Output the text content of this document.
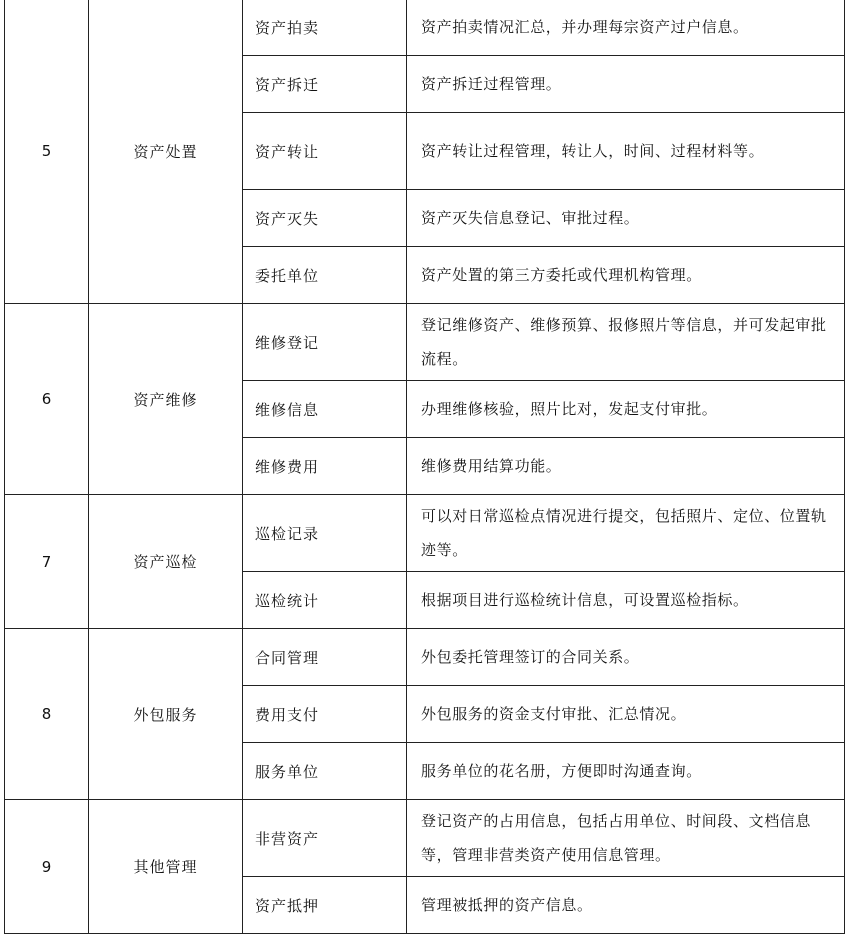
5	资产处置	资产拍卖	资产拍卖情况汇总，并办理每宗资产过户信息。
		资产拆迁	资产拆迁过程管理。
		资产转让	资产转让过程管理，转让人，时间、过程材料等。
		资产灭失	资产灭失信息登记、审批过程。
		委托单位	资产处置的第三方委托或代理机构管理。
6	资产维修	维修登记	登记维修资产、维修预算、报修照片等信息，并可发起审批流程。
		维修信息	办理维修核验，照片比对，发起支付审批。
		维修费用	维修费用结算功能。
7	资产巡检	巡检记录	可以对日常巡检点情况进行提交，包括照片、定位、位置轨迹等。
		巡检统计	根据项目进行巡检统计信息，可设置巡检指标。
8	外包服务	合同管理	外包委托管理签订的合同关系。
		费用支付	外包服务的资金支付审批、汇总情况。
		服务单位	服务单位的花名册，方便即时沟通查询。
9	其他管理	非营资产	登记资产的占用信息，包括占用单位、时间段、文档信息等，管理非营类资产使用信息管理。
		资产抵押	管理被抵押的资产信息。
